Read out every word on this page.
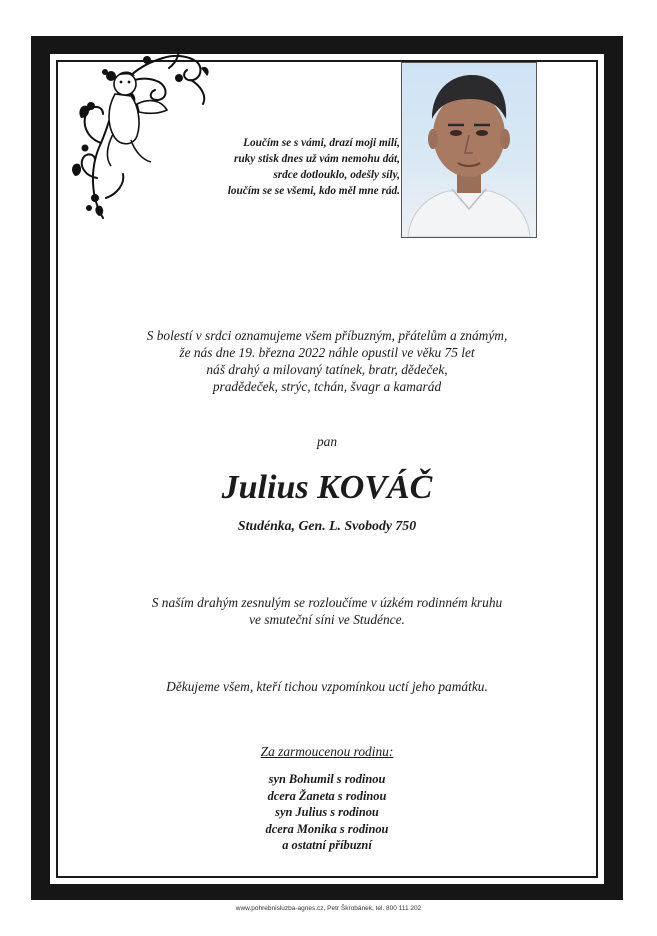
Loučím se s vámi, drazí moji milí,
ruky stisk dnes už vám nemohu dát,
srdce dotlouklo, odešly síly,
loučím se se všemi, kdo měl mne rád.
S bolestí v srdci oznamujeme všem příbuzným, přátelům a známým,
že nás dne 19. března 2022 náhle opustil ve věku 75 let
náš drahý a milovaný tatínek, bratr, dědeček,
pradědeček, strýc, tchán, švagr a kamarád
pan
Julius KOVÁČ
Studénka, Gen. L. Svobody 750
S naším drahým zesnulým se rozloučíme v úzkém rodinném kruhu
ve smuteční síni ve Studénce.
Děkujeme všem, kteří tichou vzpomínkou uctí jeho památku.
Za zarmoucenou rodinu:
syn Bohumil s rodinou
dcera Žaneta s rodinou
syn Julius s rodinou
dcera Monika s rodinou
a ostatní příbuzní
www.pohrebnisluzba-agnes.cz, Petr Škrobánek, tel. 800 111 202
